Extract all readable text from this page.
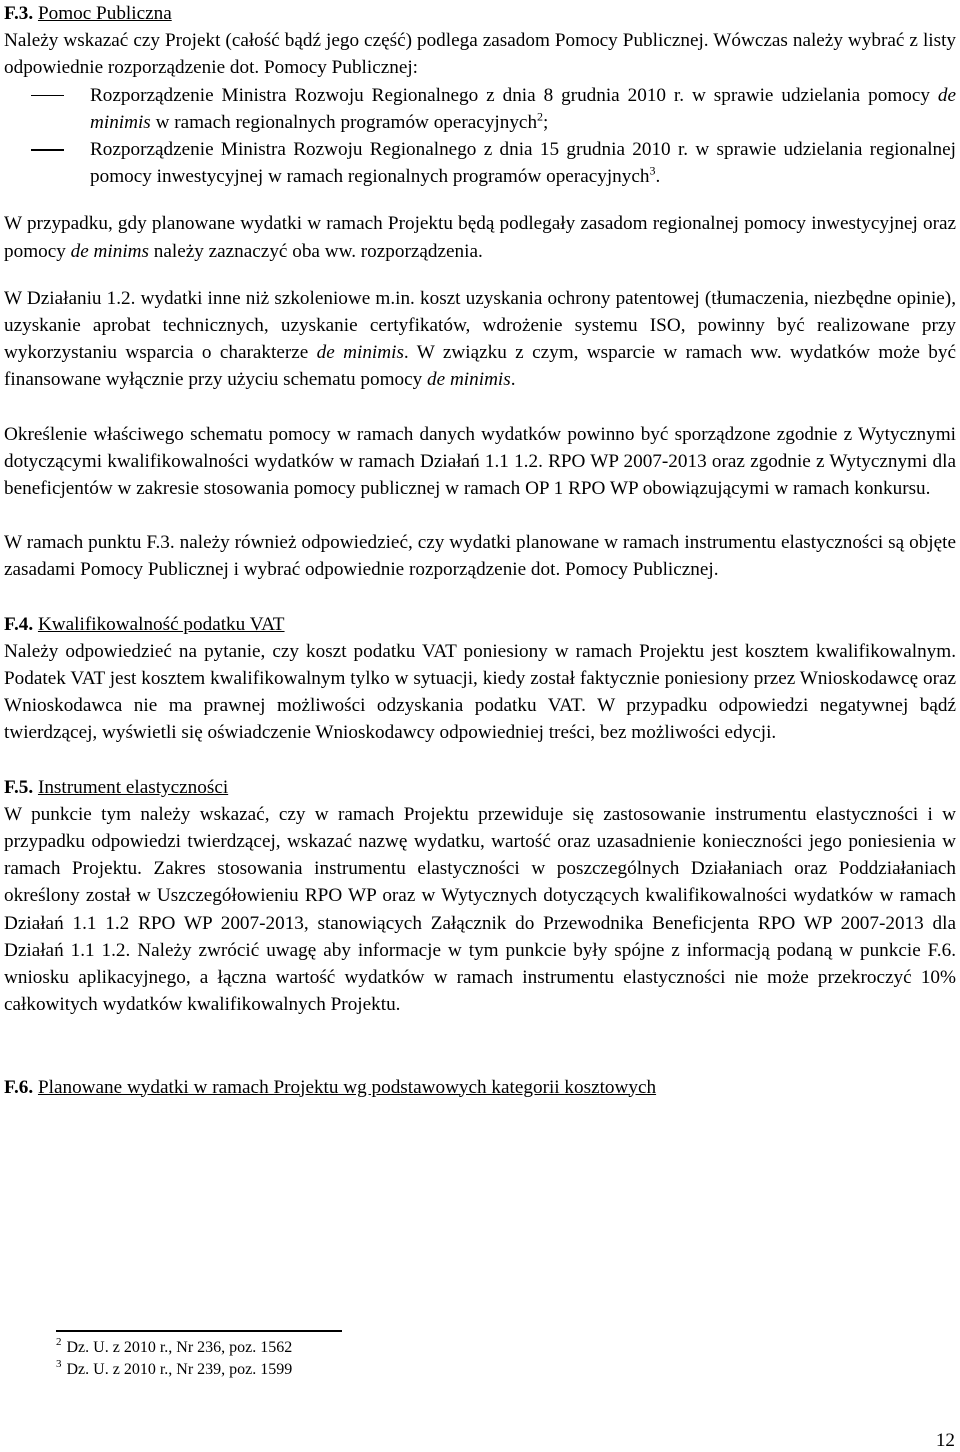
F.3. Pomoc Publiczna

Należy wskazać czy Projekt (całość bądź jego część) podlega zasadom Pomocy Publicznej. Wówczas należy wybrać z listy odpowiednie rozporządzenie dot. Pomocy Publicznej:

Rozporządzenie Ministra Rozwoju Regionalnego z dnia 8 grudnia 2010 r. w sprawie udzielania pomocy de minimis w ramach regionalnych programów operacyjnych$^2$;
Rozporządzenie Ministra Rozwoju Regionalnego z dnia 15 grudnia 2010 r. w sprawie udzielania regionalnej pomocy inwestycyjnej w ramach regionalnych programów operacyjnych$^3$.

W przypadku, gdy planowane wydatki w ramach Projektu będą podlegały zasadom regionalnej pomocy inwestycyjnej oraz pomocy de minims należy zaznaczyć oba ww. rozporządzenia.

W Działaniu 1.2. wydatki inne niż szkoleniowe m.in. koszt uzyskania ochrony patentowej (tłumaczenia, niezbędne opinie), uzyskanie aprobat technicznych, uzyskanie certyfikatów, wdrożenie systemu ISO, powinny być realizowane przy wykorzystaniu wsparcia o charakterze de minimis. W związku z czym, wsparcie w ramach ww. wydatków może być finansowane wyłącznie przy użyciu schematu pomocy de minimis.

Określenie właściwego schematu pomocy w ramach danych wydatków powinno być sporządzone zgodnie z Wytycznymi dotyczącymi kwalifikowalności wydatków w ramach Działań 1.1 1.2. RPO WP 2007-2013 oraz zgodnie z Wytycznymi dla beneficjentów w zakresie stosowania pomocy publicznej w ramach OP 1 RPO WP obowiązującymi w ramach konkursu.

W ramach punktu F.3. należy również odpowiedzieć, czy wydatki planowane w ramach instrumentu elastyczności są objęte zasadami Pomocy Publicznej i wybrać odpowiednie rozporządzenie dot. Pomocy Publicznej.

F.4. Kwalifikowalność podatku VAT

Należy odpowiedzieć na pytanie, czy koszt podatku VAT poniesiony w ramach Projektu jest kosztem kwalifikowalnym. Podatek VAT jest kosztem kwalifikowalnym tylko w sytuacji, kiedy został faktycznie poniesiony przez Wnioskodawcę oraz Wnioskodawca nie ma prawnej możliwości odzyskania podatku VAT. W przypadku odpowiedzi negatywnej bądź twierdzącej, wyświetli się oświadczenie Wnioskodawcy odpowiedniej treści, bez możliwości edycji.

F.5. Instrument elastyczności

W punkcie tym należy wskazać, czy w ramach Projektu przewiduje się zastosowanie instrumentu elastyczności i w przypadku odpowiedzi twierdzącej, wskazać nazwę wydatku, wartość oraz uzasadnienie konieczności jego poniesienia w ramach Projektu. Zakres stosowania instrumentu elastyczności w poszczególnych Działaniach oraz Poddziałaniach określony został w Uszczegółowieniu RPO WP oraz w Wytycznych dotyczących kwalifikowalności wydatków w ramach Działań 1.1 1.2 RPO WP 2007-2013, stanowiących Załącznik do Przewodnika Beneficjenta RPO WP 2007-2013 dla Działań 1.1 1.2. Należy zwrócić uwagę aby informacje w tym punkcie były spójne z informacją podaną w punkcie F.6. wniosku aplikacyjnego, a łączna wartość wydatków w ramach instrumentu elastyczności nie może przekroczyć 10% całkowitych wydatków kwalifikowalnych Projektu.

F.6. Planowane wydatki w ramach Projektu wg podstawowych kategorii kosztowych
$^2$ Dz. U. z 2010 r., Nr 236, poz. 1562
$^3$ Dz. U. z 2010 r., Nr 239, poz. 1599
12
